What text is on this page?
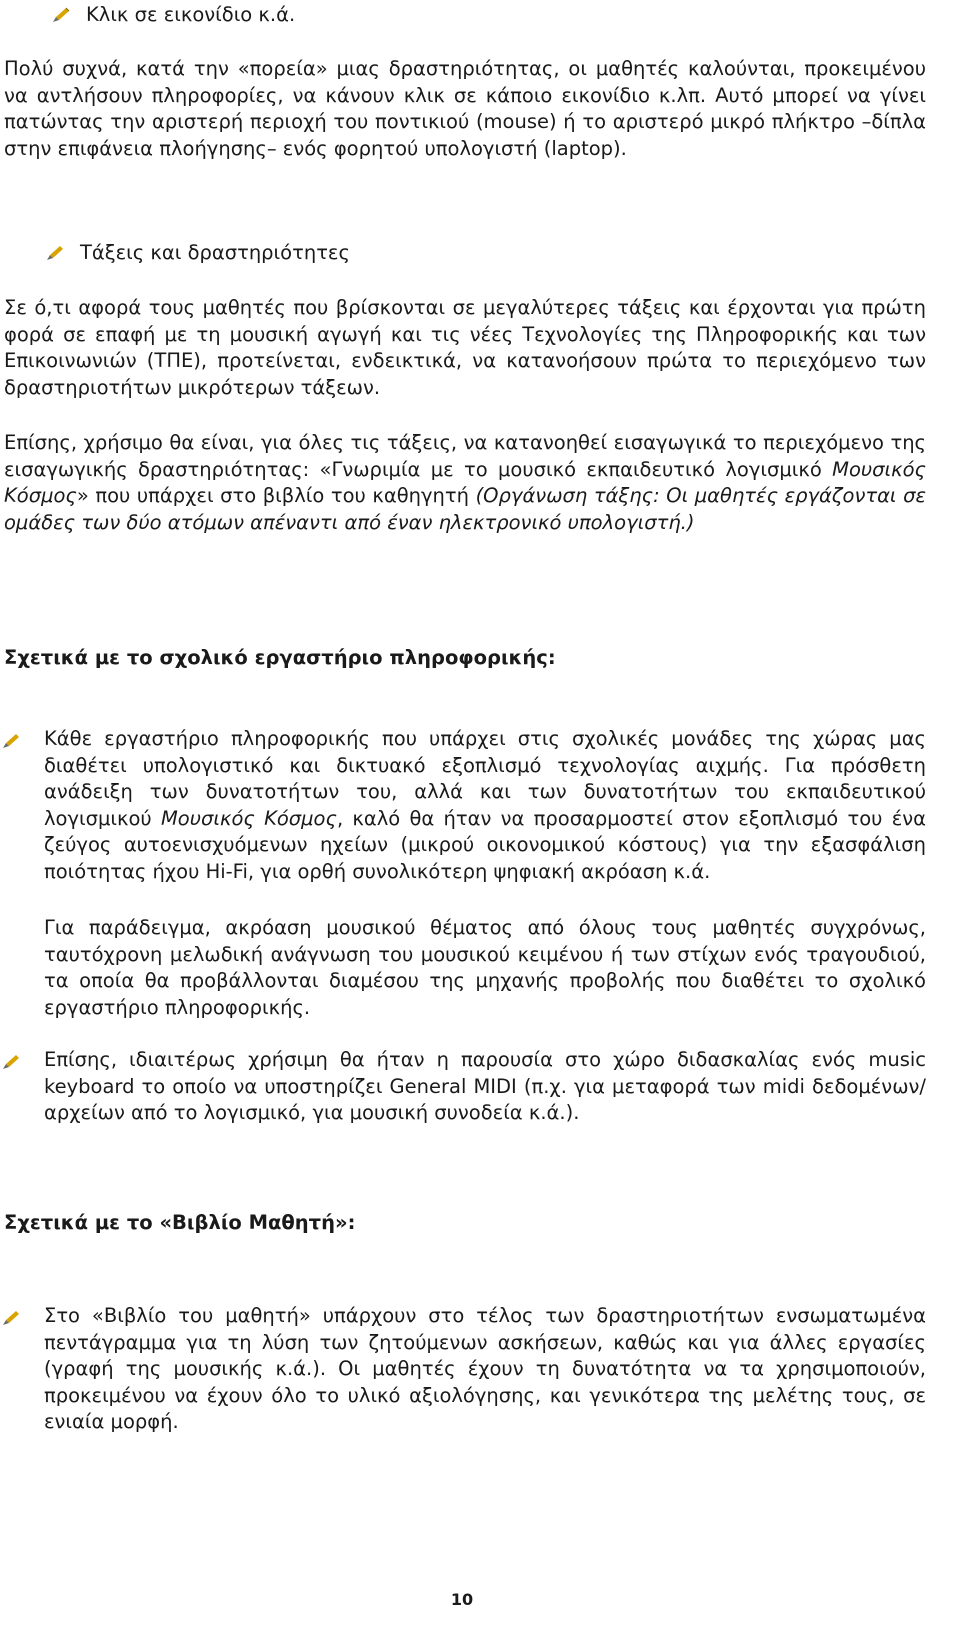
Κλικ σε εικονίδιο κ.ά.

Πολύ συχνά, κατά την «πορεία» μιας δραστηριότητας, οι μαθητές καλούνται, προκειμένου να αντλήσουν πληροφορίες, να κάνουν κλικ σε κάποιο εικονίδιο κ.λπ. Αυτό μπορεί να γίνει πατώντας την αριστερή περιοχή του ποντικιού (mouse) ή το αριστερό μικρό πλήκτρο –δίπλα στην επιφάνεια πλοήγησης– ενός φορητού υπολογιστή (laptop).

Τάξεις και δραστηριότητες

Σε ό,τι αφορά τους μαθητές που βρίσκονται σε μεγαλύτερες τάξεις και έρχονται για πρώτη φορά σε επαφή με τη μουσική αγωγή και τις νέες Τεχνολογίες της Πληροφορικής και των Επικοινωνιών (ΤΠΕ), προτείνεται, ενδεικτικά, να κατανοήσουν πρώτα το περιεχόμενο των δραστηριοτήτων μικρότερων τάξεων.

Επίσης, χρήσιμο θα είναι, για όλες τις τάξεις, να κατανοηθεί εισαγωγικά το περιεχόμενο της εισαγωγικής δραστηριότητας: «Γνωριμία με το μουσικό εκπαιδευτικό λογισμικό Μουσικός Κόσμος» που υπάρχει στο βιβλίο του καθηγητή (Οργάνωση τάξης: Οι μαθητές εργάζονται σε ομάδες των δύο ατόμων απέναντι από έναν ηλεκτρονικό υπολογιστή.)

Σχετικά με το σχολικό εργαστήριο πληροφορικής:
Κάθε εργαστήριο πληροφορικής που υπάρχει στις σχολικές μονάδες της χώρας μας διαθέτει υπολογιστικό και δικτυακό εξοπλισμό τεχνολογίας αιχμής. Για πρόσθετη ανάδειξη των δυνατοτήτων του, αλλά και των δυνατοτήτων του εκπαιδευτικού λογισμικού Μουσικός Κόσμος, καλό θα ήταν να προσαρμοστεί στον εξοπλισμό του ένα ζεύγος αυτοενισχυόμενων ηχείων (μικρού οικονομικού κόστους) για την εξασφάλιση ποιότητας ήχου Hi-Fi, για ορθή συνολικότερη ψηφιακή ακρόαση κ.ά.

Για παράδειγμα, ακρόαση μουσικού θέματος από όλους τους μαθητές συγχρόνως, ταυτόχρονη μελωδική ανάγνωση του μουσικού κειμένου ή των στίχων ενός τραγουδιού, τα οποία θα προβάλλονται διαμέσου της μηχανής προβολής που διαθέτει το σχολικό εργαστήριο πληροφορικής.

Επίσης, ιδιαιτέρως χρήσιμη θα ήταν η παρουσία στο χώρο διδασκαλίας ενός music keyboard το οποίο να υποστηρίζει General MIDI (π.χ. για μεταφορά των midi δεδομένων/αρχείων από το λογισμικό, για μουσική συνοδεία κ.ά.).
Σχετικά με το «Βιβλίο Μαθητή»:
Στο «Βιβλίο του μαθητή» υπάρχουν στο τέλος των δραστηριοτήτων ενσωματωμένα πεντάγραμμα για τη λύση των ζητούμενων ασκήσεων, καθώς και για άλλες εργασίες (γραφή της μουσικής κ.ά.). Οι μαθητές έχουν τη δυνατότητα να τα χρησιμοποιούν, προκειμένου να έχουν όλο το υλικό αξιολόγησης, και γενικότερα της μελέτης τους, σε ενιαία μορφή.
10
